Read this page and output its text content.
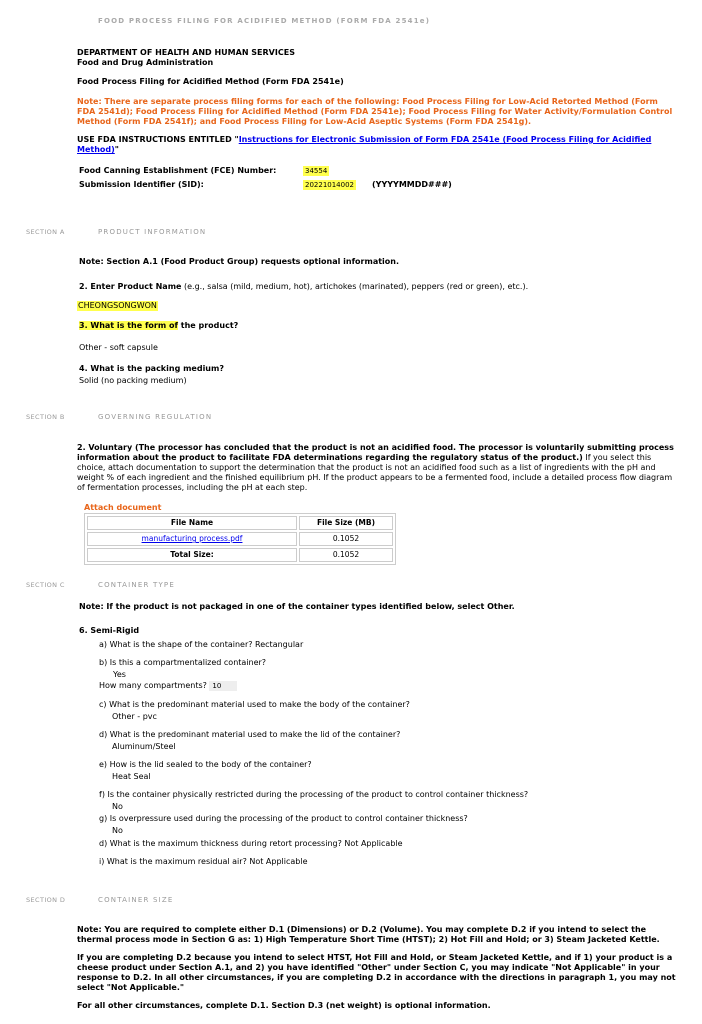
FOOD PROCESS FILING FOR ACIDIFIED METHOD (FORM FDA 2541e)
DEPARTMENT OF HEALTH AND HUMAN SERVICES
Food and Drug Administration
Food Process Filing for Acidified Method (Form FDA 2541e)
Note: There are separate process filing forms for each of the following: Food Process Filing for Low-Acid Retorted Method (Form FDA 2541d); Food Process Filing for Acidified Method (Form FDA 2541e); Food Process Filing for Water Activity/Formulation Control Method (Form FDA 2541f); and Food Process Filing for Low-Acid Aseptic Systems (Form FDA 2541g).
USE FDA INSTRUCTIONS ENTITLED "Instructions for Electronic Submission of Form FDA 2541e (Food Process Filing for Acidified Method)"
Food Canning Establishment (FCE) Number:	34554
Submission Identifier (SID):	20221014002 (YYYYMMDD###)
SECTION A	PRODUCT INFORMATION
Note: Section A.1 (Food Product Group) requests optional information.
2. Enter Product Name (e.g., salsa (mild, medium, hot), artichokes (marinated), peppers (red or green), etc.).
CHEONGSONGWON
3. What is the form of the product?
Other - soft capsule
4. What is the packing medium?
Solid (no packing medium)
SECTION B	GOVERNING REGULATION
2. Voluntary (The processor has concluded that the product is not an acidified food. The processor is voluntarily submitting process information about the product to facilitate FDA determinations regarding the regulatory status of the product.) If you select this choice, attach documentation to support the determination that the product is not an acidified food such as a list of ingredients with the pH and weight % of each ingredient and the finished equilibrium pH. If the product appears to be a fermented food, include a detailed process flow diagram of fermentation processes, including the pH at each step.
Attach document
File Name	File Size (MB)
manufacturing process.pdf	0.1052
Total Size:	0.1052
SECTION C	CONTAINER TYPE
Note: If the product is not packaged in one of the container types identified below, select Other.
6. Semi-Rigid
a) What is the shape of the container? Rectangular
b) Is this a compartmentalized container?
Yes
How many compartments? 10
c) What is the predominant material used to make the body of the container?
Other - pvc
d) What is the predominant material used to make the lid of the container?
Aluminum/Steel
e) How is the lid sealed to the body of the container?
Heat Seal
f) Is the container physically restricted during the processing of the product to control container thickness?
No
g) Is overpressure used during the processing of the product to control container thickness?
No
d) What is the maximum thickness during retort processing? Not Applicable
i) What is the maximum residual air? Not Applicable
SECTION D	CONTAINER SIZE
Note: You are required to complete either D.1 (Dimensions) or D.2 (Volume). You may complete D.2 if you intend to select the thermal process mode in Section G as: 1) High Temperature Short Time (HTST); 2) Hot Fill and Hold; or 3) Steam Jacketed Kettle.
If you are completing D.2 because you intend to select HTST, Hot Fill and Hold, or Steam Jacketed Kettle, and if 1) your product is a cheese product under Section A.1, and 2) you have identified "Other" under Section C, you may indicate "Not Applicable" in your response to D.2. In all other circumstances, if you are completing D.2 in accordance with the directions in paragraph 1, you may not select "Not Applicable."
For all other circumstances, complete D.1. Section D.3 (net weight) is optional information.
